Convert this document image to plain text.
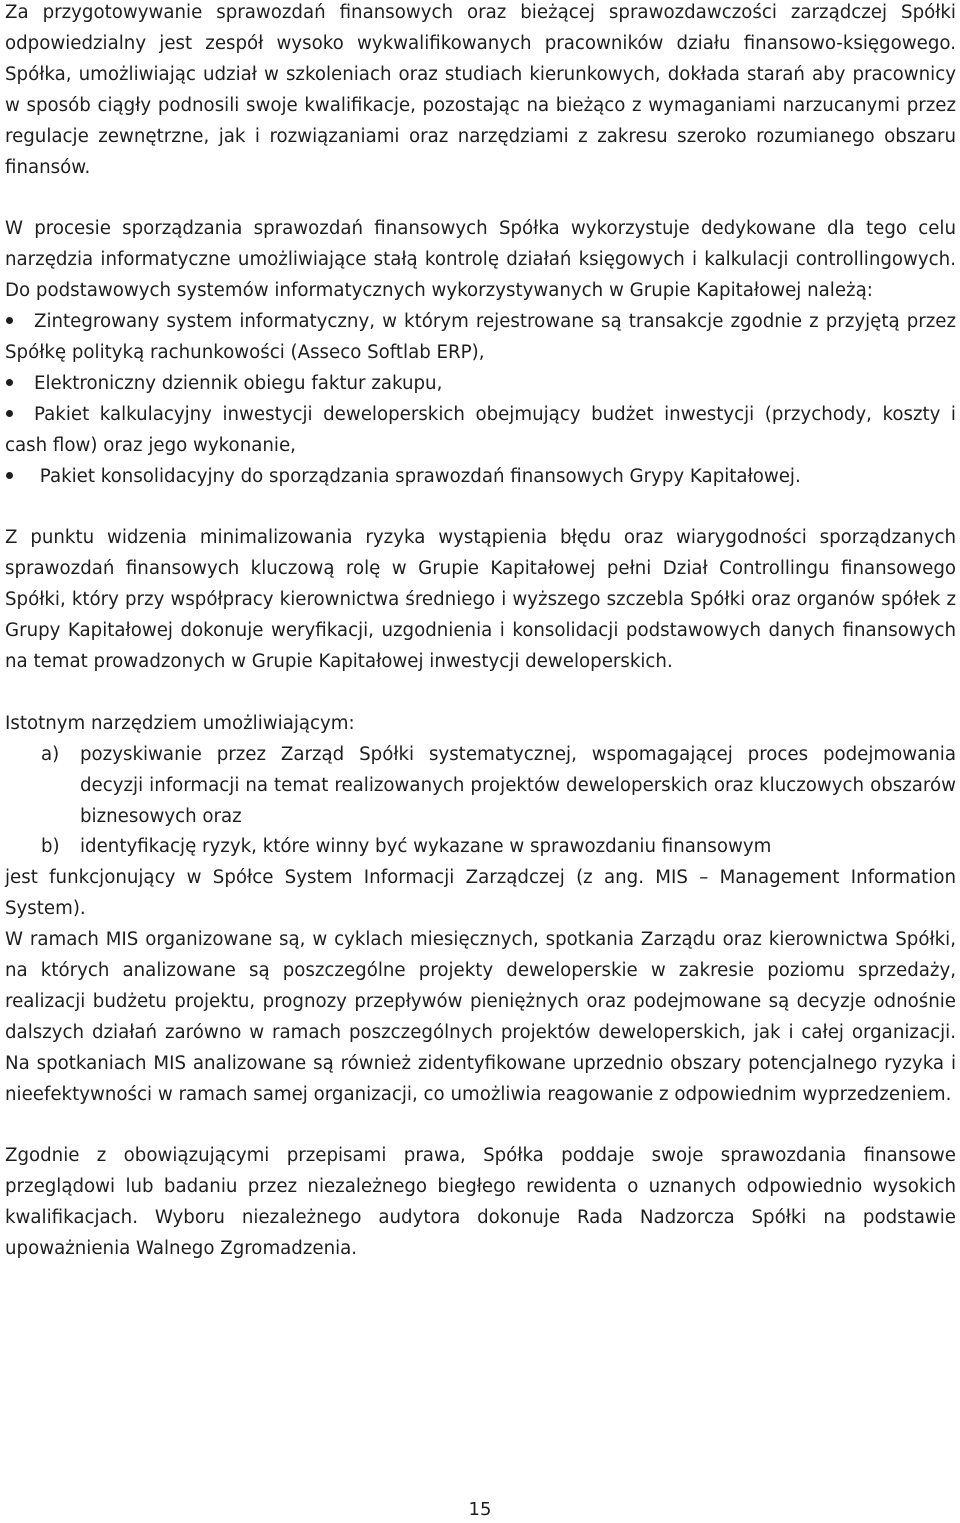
Za przygotowywanie sprawozdań finansowych oraz bieżącej sprawozdawczości zarządczej Spółki odpowiedzialny jest zespół wysoko wykwalifikowanych pracowników działu finansowo-księgowego. Spółka, umożliwiając udział w szkoleniach oraz studiach kierunkowych, dokłada starań aby pracownicy w sposób ciągły podnosili swoje kwalifikacje, pozostając na bieżąco z wymaganiami narzucanymi przez regulacje zewnętrzne, jak i rozwiązaniami oraz narzędziami z zakresu szeroko rozumianego obszaru finansów.

W procesie sporządzania sprawozdań finansowych Spółka wykorzystuje dedykowane dla tego celu narzędzia informatyczne umożliwiające stałą kontrolę działań księgowych i kalkulacji controllingowych. Do podstawowych systemów informatycznych wykorzystywanych w Grupie Kapitałowej należą:

Zintegrowany system informatyczny, w którym rejestrowane są transakcje zgodnie z przyjętą przez Spółkę polityką rachunkowości (Asseco Softlab ERP),
Elektroniczny dziennik obiegu faktur zakupu,
Pakiet kalkulacyjny inwestycji deweloperskich obejmujący budżet inwestycji (przychody, koszty i cash flow) oraz jego wykonanie,
Pakiet konsolidacyjny do sporządzania sprawozdań finansowych Grypy Kapitałowej.

Z punktu widzenia minimalizowania ryzyka wystąpienia błędu oraz wiarygodności sporządzanych sprawozdań finansowych kluczową rolę w Grupie Kapitałowej pełni Dział Controllingu finansowego Spółki, który przy współpracy kierownictwa średniego i wyższego szczebla Spółki oraz organów spółek z Grupy Kapitałowej dokonuje weryfikacji, uzgodnienia i konsolidacji podstawowych danych finansowych na temat prowadzonych w Grupie Kapitałowej inwestycji deweloperskich.

Istotnym narzędziem umożliwiającym:

a) pozyskiwanie przez Zarząd Spółki systematycznej, wspomagającej proces podejmowania decyzji informacji na temat realizowanych projektów deweloperskich oraz kluczowych obszarów biznesowych oraz
b) identyfikację ryzyk, które winny być wykazane w sprawozdaniu finansowym

jest funkcjonujący w Spółce System Informacji Zarządczej (z ang. MIS – Management Information System).

W ramach MIS organizowane są, w cyklach miesięcznych, spotkania Zarządu oraz kierownictwa Spółki, na których analizowane są poszczególne projekty deweloperskie w zakresie poziomu sprzedaży, realizacji budżetu projektu, prognozy przepływów pieniężnych oraz podejmowane są decyzje odnośnie dalszych działań zarówno w ramach poszczególnych projektów deweloperskich, jak i całej organizacji. Na spotkaniach MIS analizowane są również zidentyfikowane uprzednio obszary potencjalnego ryzyka i nieefektywności w ramach samej organizacji, co umożliwia reagowanie z odpowiednim wyprzedzeniem.

Zgodnie z obowiązującymi przepisami prawa, Spółka poddaje swoje sprawozdania finansowe przeglądowi lub badaniu przez niezależnego biegłego rewidenta o uznanych odpowiednio wysokich kwalifikacjach. Wyboru niezależnego audytora dokonuje Rada Nadzorcza Spółki na podstawie upoważnienia Walnego Zgromadzenia.

15
